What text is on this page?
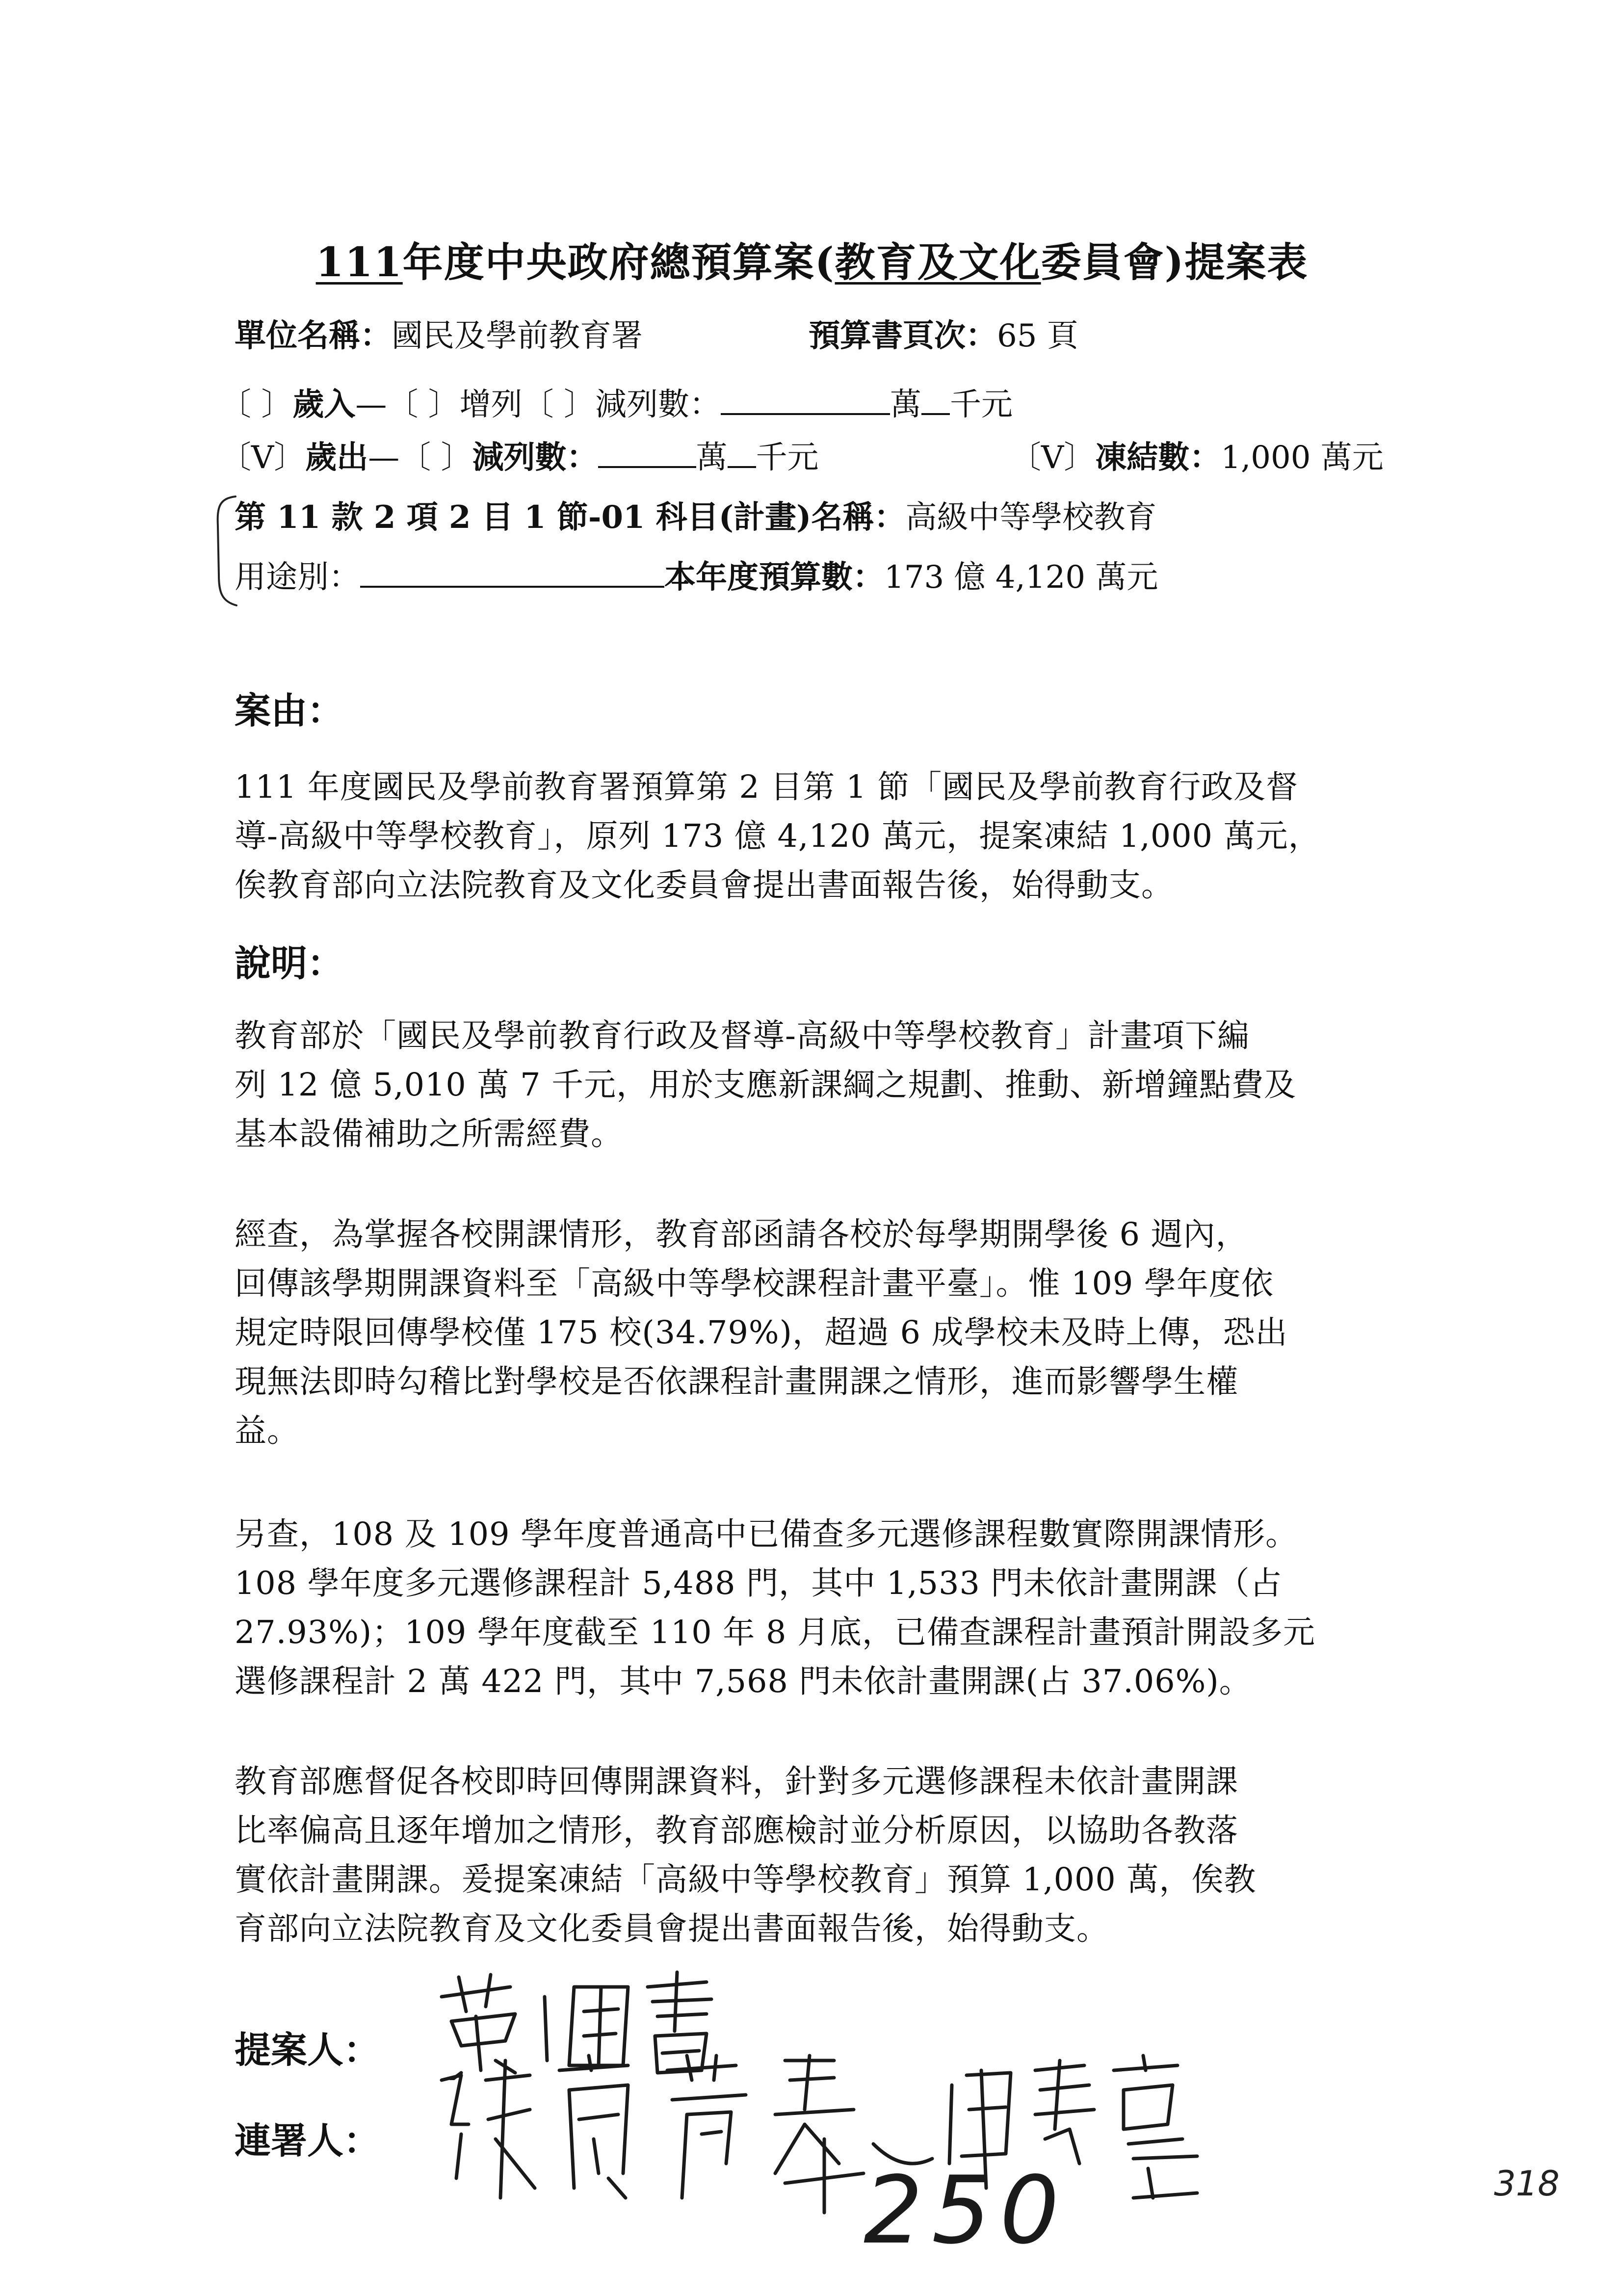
111年度中央政府總預算案(教育及文化委員會)提案表
單位名稱：國民及學前教育署	預算書頁次：65 頁
〔 〕歲入—〔 〕增列〔 〕減列數：	萬 千元
〔V〕歲出—〔 〕減列數：	萬 千元	〔V〕凍結數：1,000 萬元
第 11 款 2 項 2 目 1 節-01 科目(計畫)名稱：高級中等學校教育
用途別：	本年度預算數：173 億 4,120 萬元
案由：
111 年度國民及學前教育署預算第 2 目第 1 節「國民及學前教育行政及督
導-高級中等學校教育」，原列 173 億 4,120 萬元，提案凍結 1,000 萬元，
俟教育部向立法院教育及文化委員會提出書面報告後，始得動支。
說明：
教育部於「國民及學前教育行政及督導-高級中等學校教育」計畫項下編
列 12 億 5,010 萬 7 千元，用於支應新課綱之規劃、推動、新增鐘點費及
基本設備補助之所需經費。
經查，為掌握各校開課情形，教育部函請各校於每學期開學後 6 週內，
回傳該學期開課資料至「高級中等學校課程計畫平臺」。惟 109 學年度依
規定時限回傳學校僅 175 校(34.79%)，超過 6 成學校未及時上傳，恐出
現無法即時勾稽比對學校是否依課程計畫開課之情形，進而影響學生權
益。
另查，108 及 109 學年度普通高中已備查多元選修課程數實際開課情形。
108 學年度多元選修課程計 5,488 門，其中 1,533 門未依計畫開課（占
27.93%)；109 學年度截至 110 年 8 月底，已備查課程計畫預計開設多元
選修課程計 2 萬 422 門，其中 7,568 門未依計畫開課(占 37.06%)。
教育部應督促各校即時回傳開課資料，針對多元選修課程未依計畫開課
比率偏高且逐年增加之情形，教育部應檢討並分析原因，以協助各教落
實依計畫開課。爰提案凍結「高級中等學校教育」預算 1,000 萬，俟教
育部向立法院教育及文化委員會提出書面報告後，始得動支。
提案人：
連署人：
250	318
